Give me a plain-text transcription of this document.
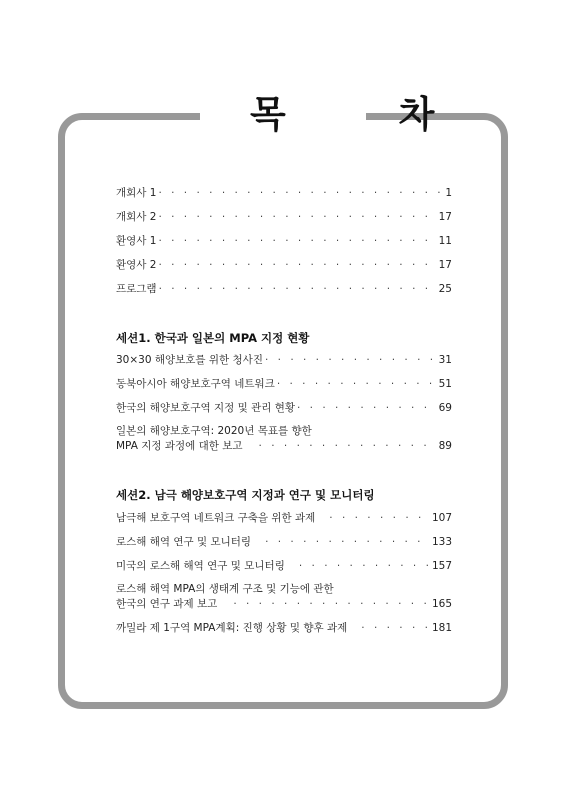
목 차
개회사 1 · · ·	1
개회사 2 · · ·	17
환영사 1 · · ·	11
환영사 2 · · ·	17
프로그램 · · ·	25
세션1. 한국과 일본의 MPA 지정 현황
30×30 해양보호를 위한 청사진 · · ·	31
동북아시아 해양보호구역 네트워크 · · ·	51
한국의 해양보호구역 지정 및 관리 현황 · · ·	69
일본의 해양보호구역: 2020년 목표를 향한
MPA 지정 과정에 대한 보고 · · ·	89
세션2. 남극 해양보호구역 지정과 연구 및 모니터링
남극해 보호구역 네트워크 구축을 위한 과제 · · ·	107
로스해 해역 연구 및 모니터링 · · ·	133
미국의 로스해 해역 연구 및 모니터링 · · ·	157
로스해 해역 MPA의 생태계 구조 및 기능에 관한
한국의 연구 과제 보고 · · ·	165
까밀라 제 1구역 MPA계획: 진행 상황 및 향후 과제 · · ·	181
